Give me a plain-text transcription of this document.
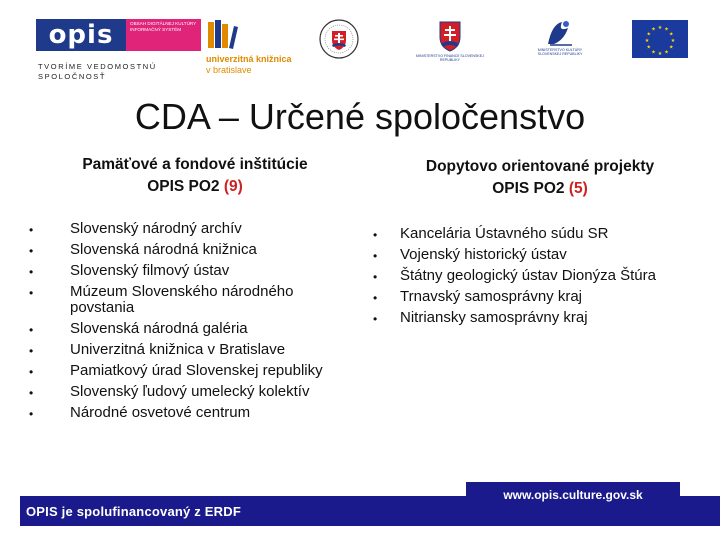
opis	OBSAH DIGITÁLNEJ KULTÚRY INFORMAČNÝ SYSTÉM
TVORÍME VEDOMOSTNÚ SPOLOČNOSŤ
univerzitná knižnica
v bratislave
MINISTERSTVO FINANCIÍ SLOVENSKEJ REPUBLIKY
MINISTERSTVO KULTÚRY SLOVENSKEJ REPUBLIKY
★ ★
★
★
★
★
★
★
★
★
★
★
CDA – Určené spoločenstvo
Pamäťové a fondové inštitúcie
OPIS PO2 (9)
• Slovenský národný archív
• Slovenská národná knižnica
• Slovenský filmový ústav
• Múzeum Slovenského národného povstania
• Slovenská národná galéria
• Univerzitná knižnica v Bratislave
• Pamiatkový úrad Slovenskej republiky
• Slovenský ľudový umelecký kolektív
• Národné osvetové centrum
Dopytovo orientované projekty
OPIS PO2 (5)
• Kancelária Ústavného súdu SR
• Vojenský historický ústav
• Štátny geologický ústav Dionýza Štúra
• Trnavský samosprávny kraj
• Nitriansky samosprávny kraj
OPIS je spolufinancovaný z ERDF
www.opis.culture.gov.sk
